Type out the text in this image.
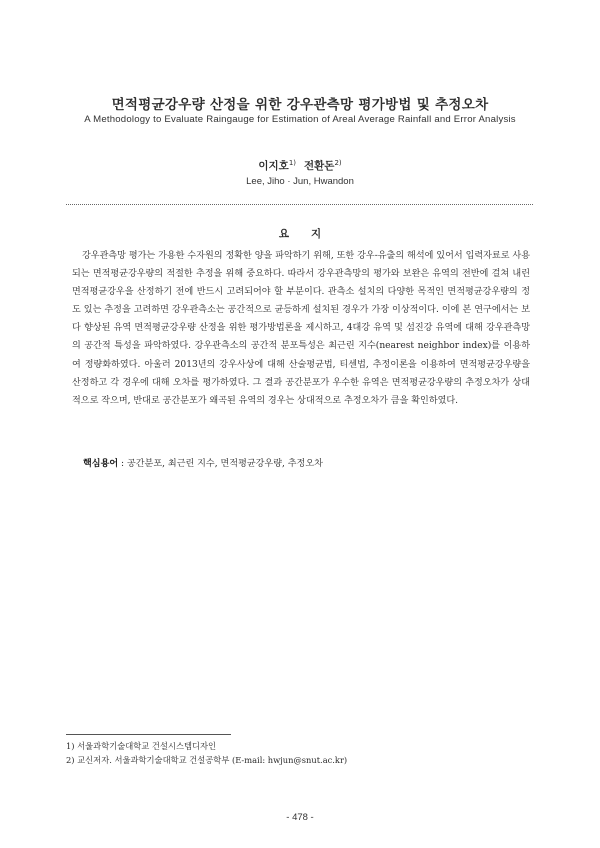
면적평균강우량 산정을 위한 강우관측망 평가방법 및 추정오차
A Methodology to Evaluate Raingauge for Estimation of Areal Average Rainfall and Error Analysis
이지호$^{1)}$ 전환돈$^{2)}$
Lee, Jiho · Jun, Hwandon
요지
강우관측망 평가는 가용한 수자원의 정확한 양을 파악하기 위해, 또한 강우-유출의 해석에 있어서 입력자료로 사용되는 면적평균강우량의 적절한 추정을 위해 중요하다. 따라서 강우관측망의 평가와 보완은 유역의 전반에 걸쳐 내린 면적평균강우을 산정하기 전에 반드시 고려되어야 할 부분이다. 관측소 설치의 다양한 목적인 면적평균강우량의 정도 있는 추정을 고려하면 강우관측소는 공간적으로 균등하게 설치된 경우가 가장 이상적이다. 이에 본 연구에서는 보다 향상된 유역 면적평균강우량 산정을 위한 평가방법론을 제시하고, 4대강 유역 및 섬진강 유역에 대해 강우관측망의 공간적 특성을 파악하였다. 강우관측소의 공간적 분포특성은 최근린 지수(nearest neighbor index)를 이용하여 정량화하였다. 아울러 2013년의 강우사상에 대해 산술평균법, 티센법, 추정이론을 이용하여 면적평균강우량을 산정하고 각 경우에 대해 오차를 평가하였다. 그 결과 공간분포가 우수한 유역은 면적평균강우량의 추정오차가 상대적으로 작으며, 반대로 공간분포가 왜곡된 유역의 경우는 상대적으로 추정오차가 큼을 확인하였다.
핵심용어 : 공간분포, 최근린 지수, 면적평균강우량, 추정오차
1) 서울과학기술대학교 건설시스템디자인
2) 교신저자. 서울과학기술대학교 건설공학부 (E-mail: hwjun@snut.ac.kr)
- 478 -
